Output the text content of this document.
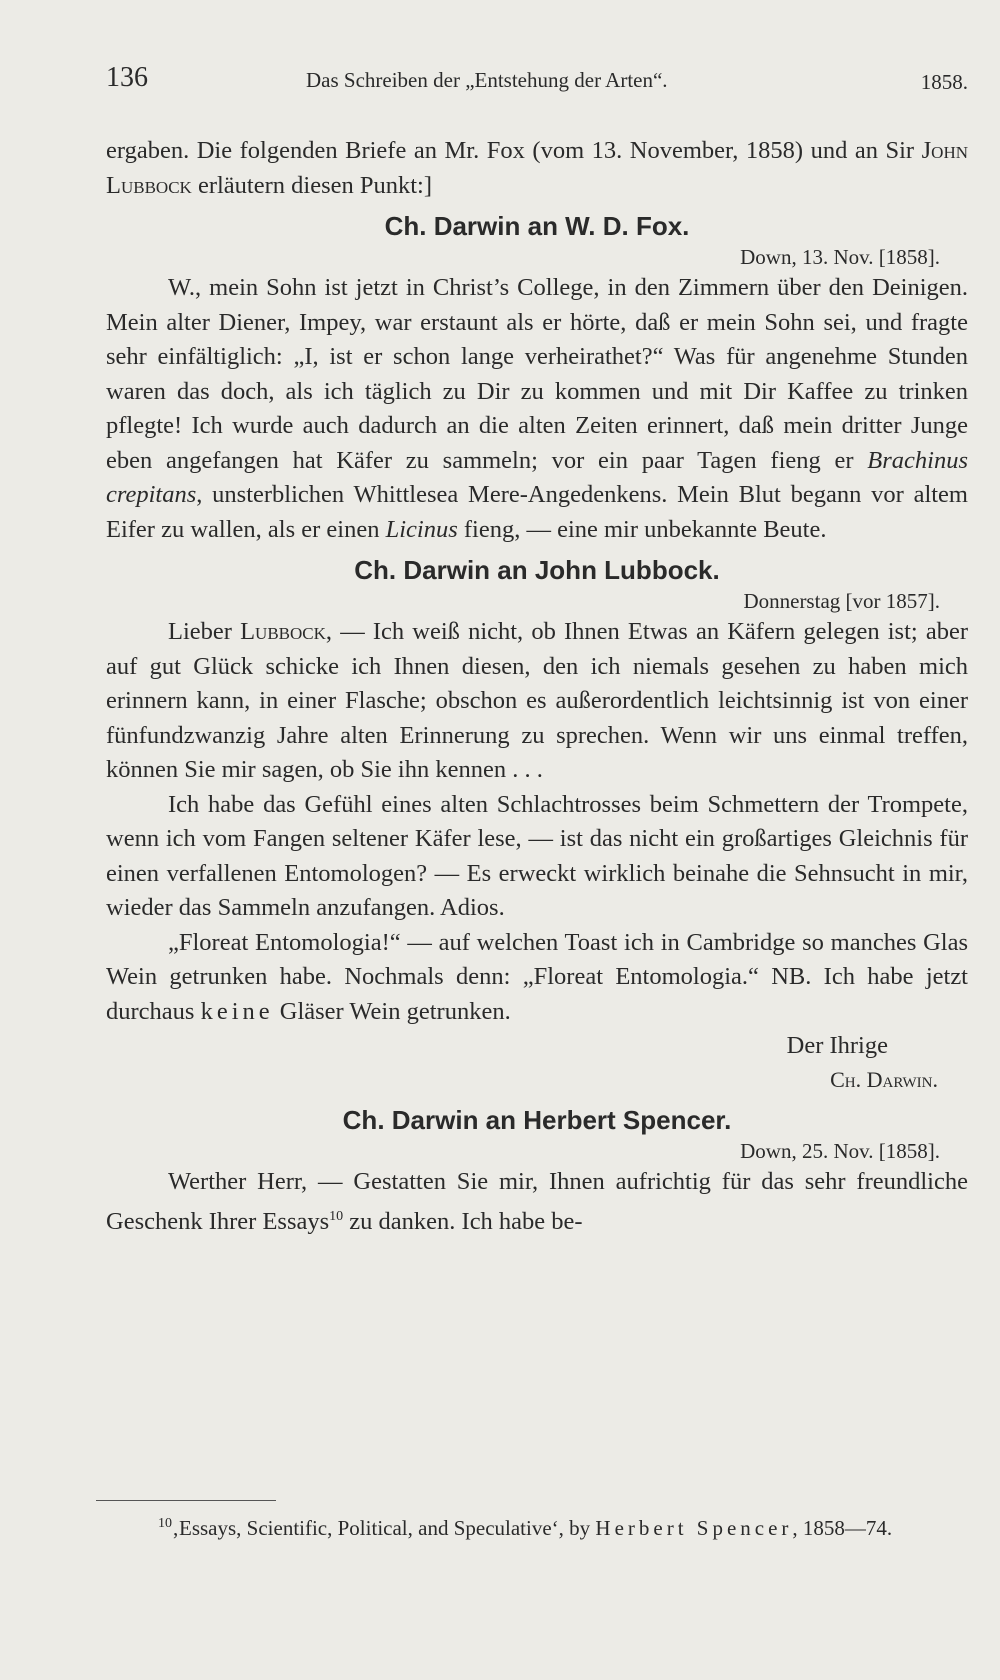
136	Das Schreiben der „Entstehung der Arten“.	1858.

ergaben. Die folgenden Briefe an Mr. Fox (vom 13. November, 1858) und an Sir John Lubbock erläutern diesen Punkt:]

Ch. Darwin an W. D. Fox.
Down, 13. Nov. [1858].

W., mein Sohn ist jetzt in Christ’s College, in den Zimmern über den Deinigen. Mein alter Diener, Impey, war erstaunt als er hörte, daß er mein Sohn sei, und fragte sehr einfältiglich: „I, ist er schon lange verheirathet?“ Was für angenehme Stunden waren das doch, als ich täglich zu Dir zu kommen und mit Dir Kaffee zu trinken pflegte! Ich wurde auch dadurch an die alten Zeiten erinnert, daß mein dritter Junge eben angefangen hat Käfer zu sammeln; vor ein paar Tagen fieng er Brachinus crepitans, unsterblichen Whittlesea Mere-Angedenkens. Mein Blut begann vor altem Eifer zu wallen, als er einen Licinus fieng, — eine mir unbekannte Beute.

Ch. Darwin an John Lubbock.
Donnerstag [vor 1857].

Lieber Lubbock, — Ich weiß nicht, ob Ihnen Etwas an Käfern gelegen ist; aber auf gut Glück schicke ich Ihnen diesen, den ich niemals gesehen zu haben mich erinnern kann, in einer Flasche; obschon es außerordentlich leichtsinnig ist von einer fünfundzwanzig Jahre alten Erinnerung zu sprechen. Wenn wir uns einmal treffen, können Sie mir sagen, ob Sie ihn kennen . . .

Ich habe das Gefühl eines alten Schlachtrosses beim Schmettern der Trompete, wenn ich vom Fangen seltener Käfer lese, — ist das nicht ein großartiges Gleichnis für einen verfallenen Entomologen? — Es erweckt wirklich beinahe die Sehnsucht in mir, wieder das Sammeln anzufangen. Adios.

„Floreat Entomologia!“ — auf welchen Toast ich in Cambridge so manches Glas Wein getrunken habe. Nochmals denn: „Floreat Entomologia.“ NB. Ich habe jetzt durchaus keine Gläser Wein getrunken.

Der Ihrige
Ch. Darwin.
Ch. Darwin an Herbert Spencer.
Down, 25. Nov. [1858].

Werther Herr, — Gestatten Sie mir, Ihnen aufrichtig für das sehr freundliche Geschenk Ihrer Essays$^{10}$ zu danken. Ich habe be-

$^{10}$‚Essays, Scientific, Political, and Speculative‘, by Herbert Spencer, 1858—74.
